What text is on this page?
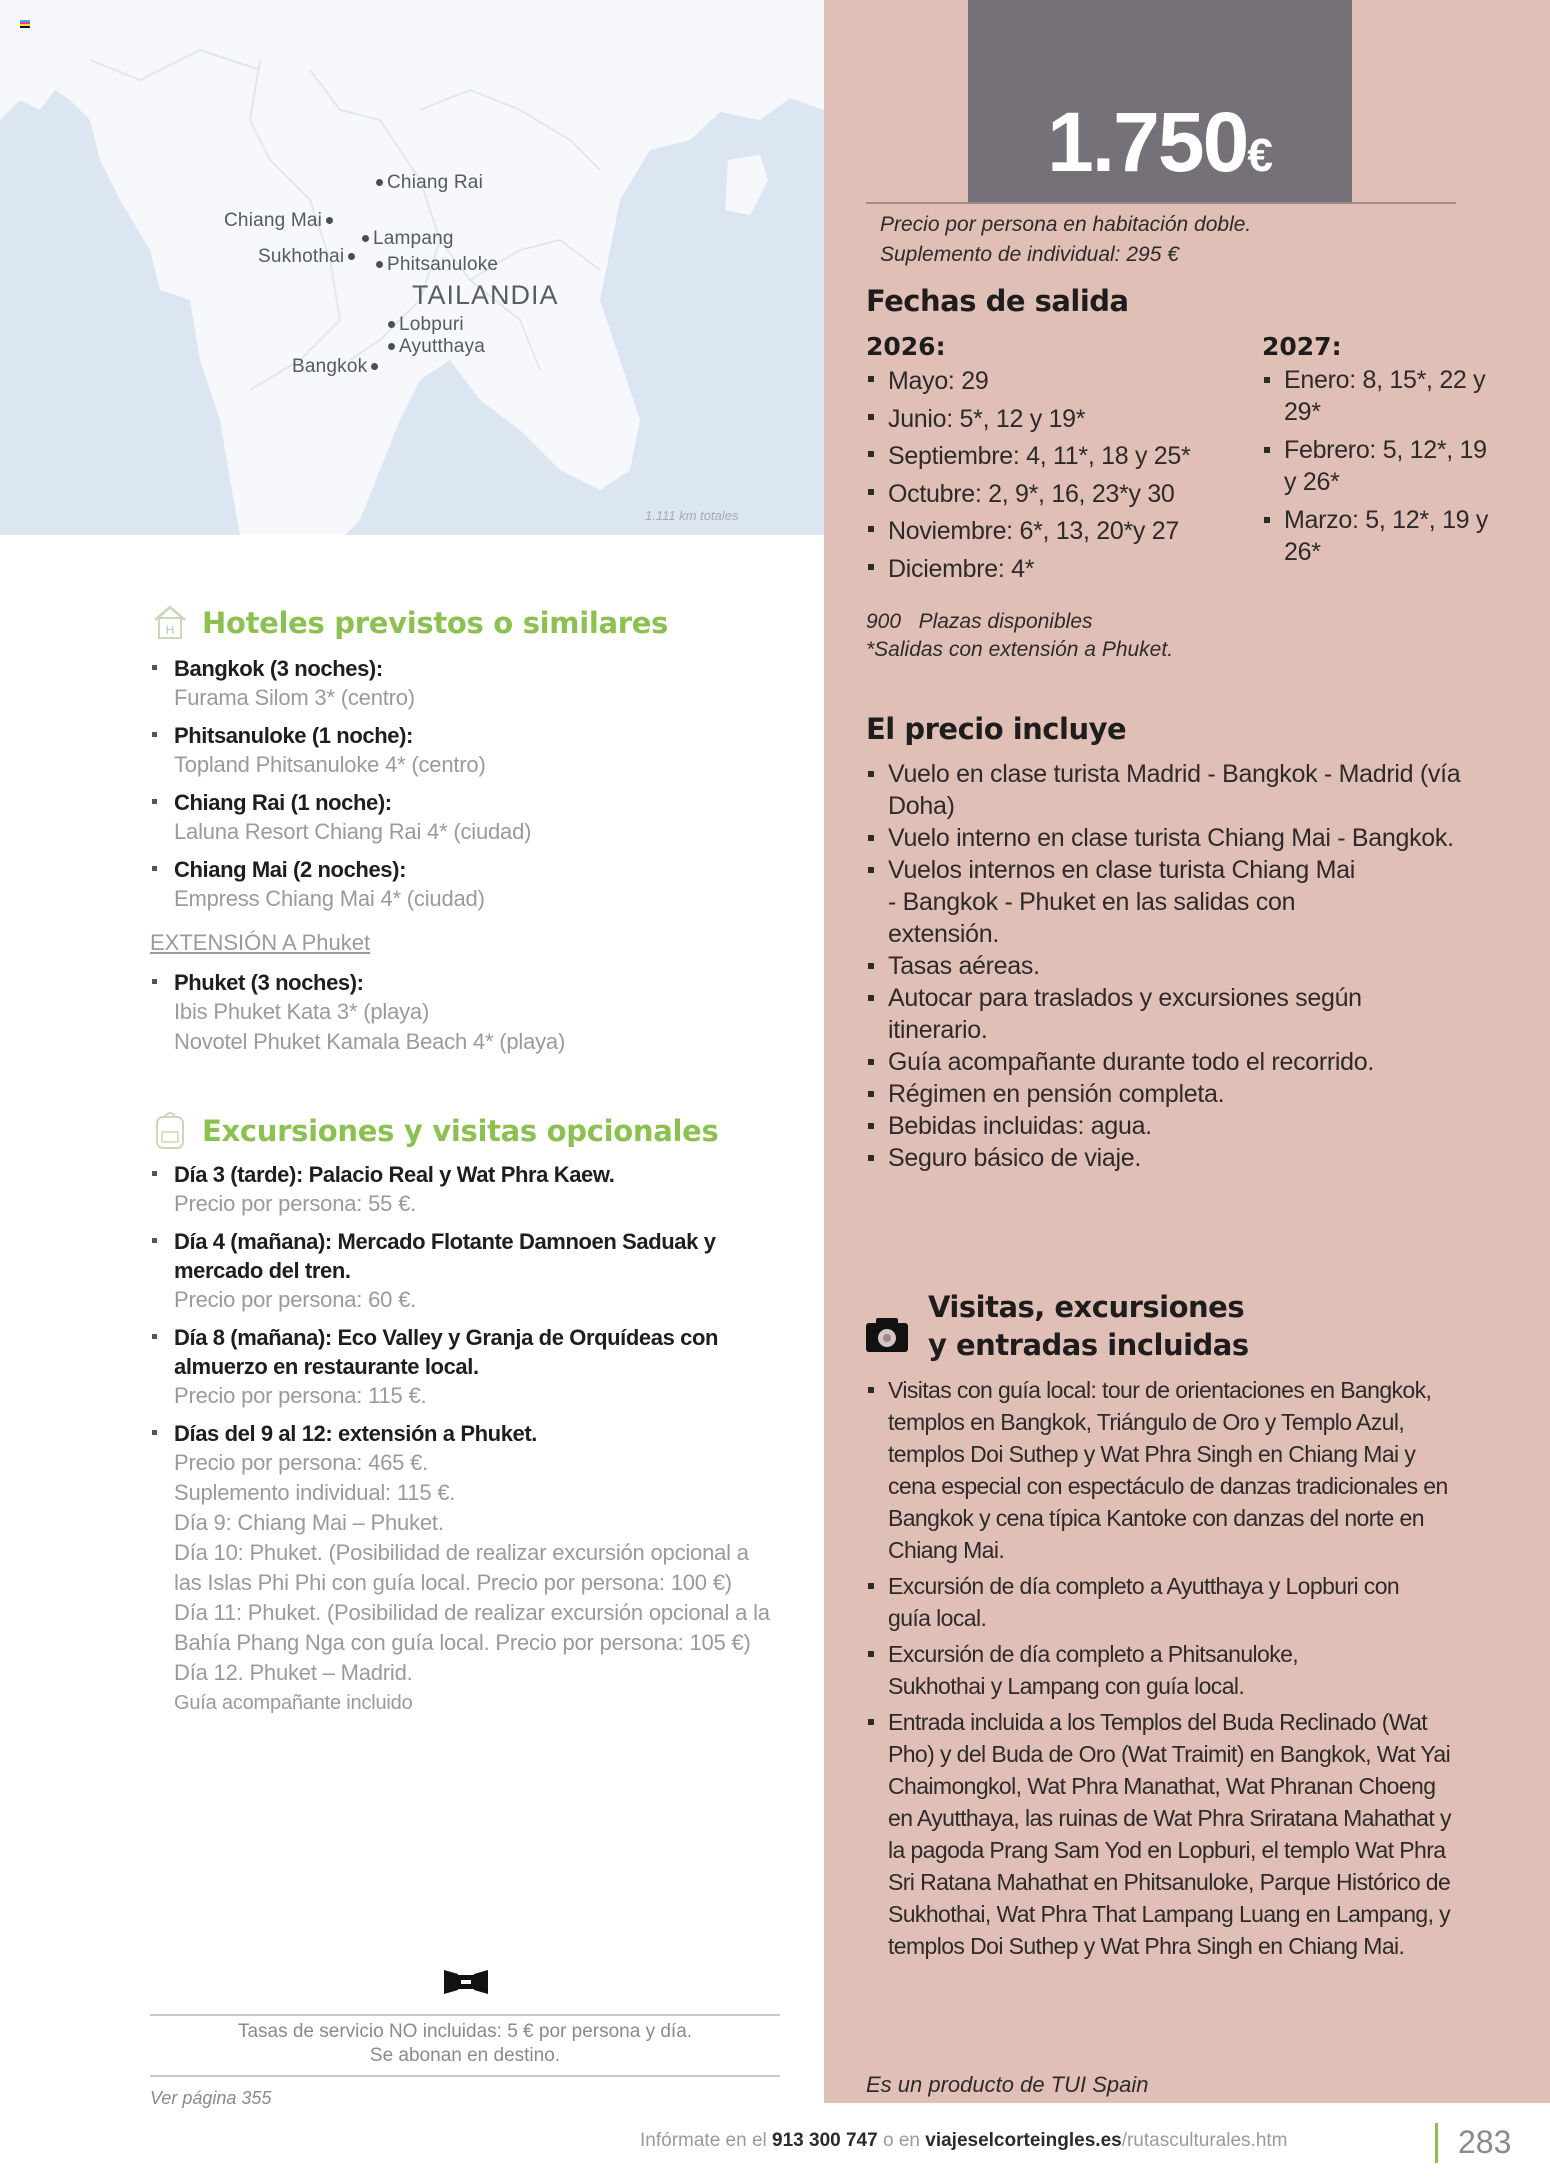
Chiang Rai
Chiang Mai
Lampang
Sukhothai	Phitsanuloke
TAILANDIA
Lobpuri
Ayutthaya
Bangkok
1.111 km totales
1.750€
Precio por persona en habitación doble.
Suplemento de individual: 295 €
Fechas de salida
2026:
Mayo: 29
Junio: 5*, 12 y 19*
Septiembre: 4, 11*, 18 y 25*
Octubre: 2, 9*, 16, 23*y 30
Noviembre: 6*, 13, 20*y 27
Diciembre: 4*
2027:
Enero: 8, 15*, 22 y 29*
Febrero: 5, 12*, 19 y 26*
Marzo: 5, 12*, 19 y 26*
900 Plazas disponibles
*Salidas con extensión a Phuket.
El precio incluye
Vuelo en clase turista Madrid - Bangkok - Madrid (vía Doha)
Vuelo interno en clase turista Chiang Mai - Bangkok.
Vuelos internos en clase turista Chiang Mai - Bangkok - Phuket en las salidas con extensión.
Tasas aéreas.
Autocar para traslados y excursiones según itinerario.
Guía acompañante durante todo el recorrido.
Régimen en pensión completa.
Bebidas incluidas: agua.
Seguro básico de viaje.
Visitas, excursiones
y entradas incluidas
Visitas con guía local: tour de orientaciones en Bangkok, templos en Bangkok, Triángulo de Oro y Templo Azul, templos Doi Suthep y Wat Phra Singh en Chiang Mai y cena especial con espectáculo de danzas tradicionales en Bangkok y cena típica Kantoke con danzas del norte en Chiang Mai.
Excursión de día completo a Ayutthaya y Lopburi con guía local.
Excursión de día completo a Phitsanuloke, Sukhothai y Lampang con guía local.
Entrada incluida a los Templos del Buda Reclinado (Wat Pho) y del Buda de Oro (Wat Traimit) en Bangkok, Wat Yai Chaimongkol, Wat Phra Manathat, Wat Phranan Choeng en Ayutthaya, las ruinas de Wat Phra Sriratana Mahathat y la pagoda Prang Sam Yod en Lopburi, el templo Wat Phra Sri Ratana Mahathat en Phitsanuloke, Parque Histórico de Sukhothai, Wat Phra That Lampang Luang en Lampang, y templos Doi Suthep y Wat Phra Singh en Chiang Mai.
Es un producto de TUI Spain
H Hoteles previstos o similares
Bangkok (3 noches):
Furama Silom 3* (centro)
Phitsanuloke (1 noche):
Topland Phitsanuloke 4* (centro)
Chiang Rai (1 noche):
Laluna Resort Chiang Rai 4* (ciudad)
Chiang Mai (2 noches):
Empress Chiang Mai 4* (ciudad)
EXTENSIÓN A Phuket
Phuket (3 noches):
Ibis Phuket Kata 3* (playa)
Novotel Phuket Kamala Beach 4* (playa)
Excursiones y visitas opcionales
Día 3 (tarde): Palacio Real y Wat Phra Kaew.
Precio por persona: 55 €.
Día 4 (mañana): Mercado Flotante Damnoen Saduak y mercado del tren.
Precio por persona: 60 €.
Día 8 (mañana): Eco Valley y Granja de Orquídeas con almuerzo en restaurante local.
Precio por persona: 115 €.
Días del 9 al 12: extensión a Phuket.
Precio por persona: 465 €.
Suplemento individual: 115 €.
Día 9: Chiang Mai – Phuket.
Día 10: Phuket. (Posibilidad de realizar excursión opcional a las Islas Phi Phi con guía local. Precio por persona: 100 €)
Día 11: Phuket. (Posibilidad de realizar excursión opcional a la Bahía Phang Nga con guía local. Precio por persona: 105 €)
Día 12. Phuket – Madrid.
Guía acompañante incluido
Tasas de servicio NO incluidas: 5 € por persona y día.
Se abonan en destino.
Ver página 355
Infórmate en el 913 300 747 o en viajeselcorteingles.es/rutasculturales.htm	283
